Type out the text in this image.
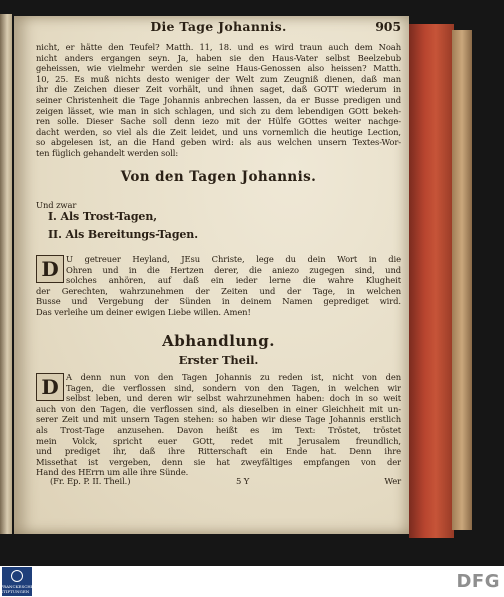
Die Tage Johannis.	905
nicht, er hätte den Teufel? Matth. 11, 18. und es wird traun auch dem Noah
nicht anders ergangen seyn. Ja, haben sie den Haus-Vater selbst Beelzebub
geheissen, wie vielmehr werden sie seine Haus-Genossen also heissen? Matth.
10, 25. Es muß nichts desto weniger der Welt zum Zeugniß dienen, daß man
ihr die Zeichen dieser Zeit vorhält, und ihnen saget, daß GOTT wiederum in
seiner Christenheit die Tage Johannis anbrechen lassen, da er Busse predigen und
zeigen lässet, wie man in sich schlagen, und sich zu dem lebendigen GOtt bekeh-
ren solle. Dieser Sache soll denn iezo mit der Hülfe GOttes weiter nachge-
dacht werden, so viel als die Zeit leidet, und uns vornemlich die heutige Lection,
so abgelesen ist, an die Hand geben wird: als aus welchen unsern Textes-Wor-
ten füglich gehandelt werden soll:
Von den Tagen Johannis.
Und zwar
I. Als Trost-Tagen,
II. Als Bereitungs-Tagen.
D U getreuer Heyland, JEsu Christe, lege du dein Wort in die
Ohren und in die Hertzen derer, die aniezo zugegen sind, und
solches anhören, auf daß ein ieder lerne die wahre Klugheit
der Gerechten, wahrzunehmen der Zeiten und der Tage, in welchen
Busse und Vergebung der Sünden in deinem Namen geprediget wird.
Das verleihe um deiner ewigen Liebe willen. Amen!
Abhandlung.
Erster Theil.
D A denn nun von den Tagen Johannis zu reden ist, nicht von den
Tagen, die verflossen sind, sondern von den Tagen, in welchen wir
selbst leben, und deren wir selbst wahrzunehmen haben: doch in so weit
auch von den Tagen, die verflossen sind, als dieselben in einer Gleichheit mit un-
serer Zeit und mit unsern Tagen stehen: so haben wir diese Tage Johannis erstlich
als Trost-Tage anzusehen. Davon heißt es im Text: Tröstet, tröstet
mein Volck, spricht euer GOtt, redet mit Jerusalem freundlich,
und prediget ihr, daß ihre Ritterschaft ein Ende hat. Denn ihre
Missethat ist vergeben, denn sie hat zweyfältiges empfangen von der
Hand des HErrn um alle ihre Sünde.
(Fr. Ep. P. II. Theil.)	5 Y	Wer
FRANCKESCHE STIFTUNGEN	DFG
